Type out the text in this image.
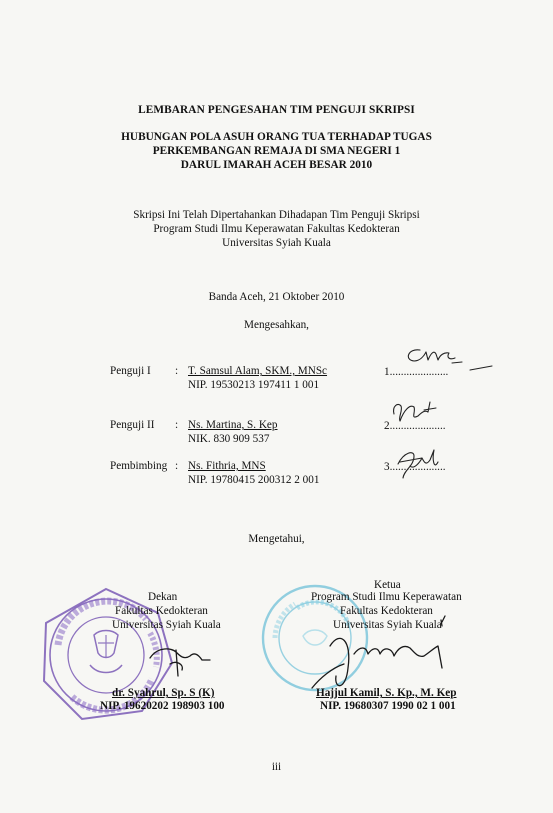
LEMBARAN PENGESAHAN TIM PENGUJI SKRIPSI
HUBUNGAN POLA ASUH ORANG TUA TERHADAP TUGAS
PERKEMBANGAN REMAJA DI SMA NEGERI 1
DARUL IMARAH ACEH BESAR 2010
Skripsi Ini Telah Dipertahankan Dihadapan Tim Penguji Skripsi
Program Studi Ilmu Keperawatan Fakultas Kedokteran
Universitas Syiah Kuala
Banda Aceh, 21 Oktober 2010
Mengesahkan,
Penguji I : T. Samsul Alam, SKM., MNSc
NIP. 19530213 197411 1 001
1.....................
Penguji II : Ns. Martina, S. Kep
NIK. 830 909 537
2....................
Pembimbing : Ns. Fithria, MNS
NIP. 19780415 200312 2 001
3....................
Mengetahui,
Dekan
Fakultas Kedokteran
Universitas Syiah Kuala
dr. Syahrul, Sp. S (K)
NIP. 19620202 198903 100
Ketua
Program Studi Ilmu Keperawatan
Fakultas Kedokteran
Universitas Syiah Kuala
Hajjul Kamil, S. Kp., M. Kep
NIP. 19680307 1990 02 1 001
iii
